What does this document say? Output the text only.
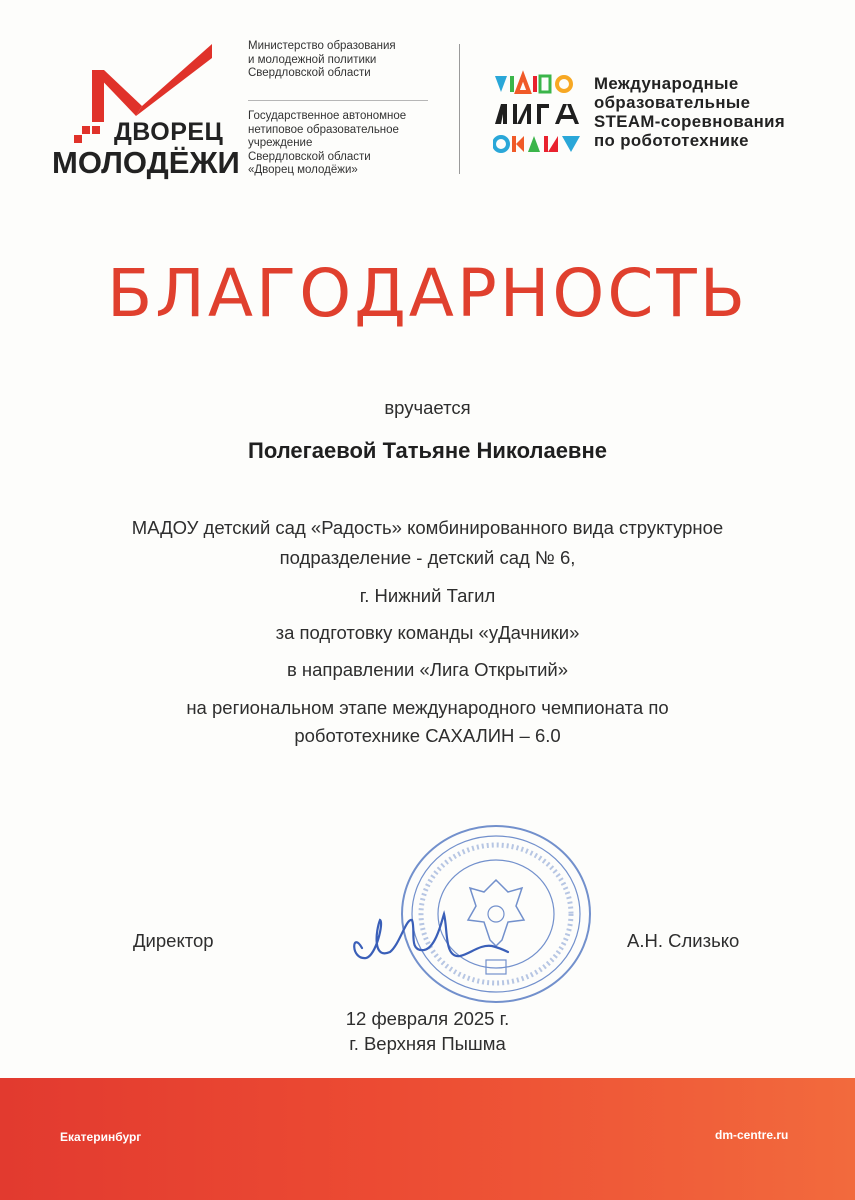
ДВОРЕЦ
МОЛОДЁЖИ
Министерство образования
и молодежной политики
Свердловской области
Государственное автономное
нетиповое образовательное
учреждение
Свердловской области
«Дворец молодёжи»
Международные
образовательные
STEAM-соревнования
по робототехнике
БЛАГОДАРНОСТЬ
вручается
Полегаевой Татьяне Николаевне
МАДОУ детский сад «Радость» комбинированного вида структурное
подразделение - детский сад № 6,
г. Нижний Тагил
за подготовку команды «уДачники»
в направлении «Лига Открытий»
на региональном этапе международного чемпионата по
робототехнике САХАЛИН – 6.0
Директор	А.Н. Слизько
12 февраля 2025 г.
г. Верхняя Пышма
Екатеринбург	dm-centre.ru
